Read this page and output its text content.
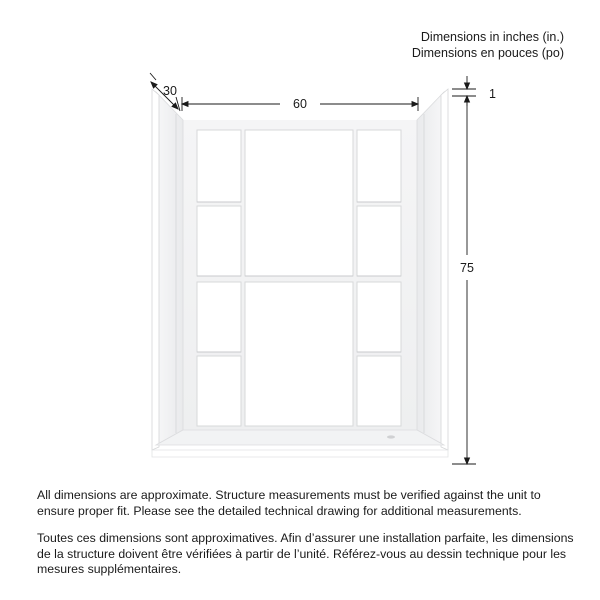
Dimensions in inches (in.)
Dimensions en pouces (po)
30
60
1
75

All dimensions are approximate. Structure measurements must be verified against the unit to ensure proper fit. Please see the detailed technical drawing for additional measurements.

Toutes ces dimensions sont approximatives. Afin d’assurer une installation parfaite, les dimensions de la structure doivent être vérifiées à partir de l’unité. Référez-vous au dessin technique pour les mesures supplémentaires.
